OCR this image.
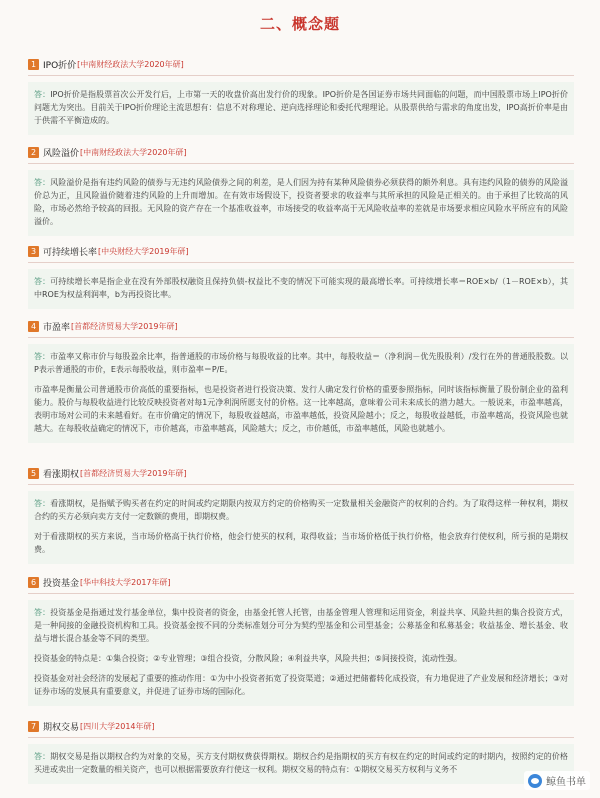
二、概念题
1 IPO折价 [中南财经政法大学2020年研]

答：IPO折价是指股票首次公开发行后，上市第一天的收盘价高出发行价的现象。IPO折价是各国证券市场共同面临的问题，而中国股票市场上IPO折价问题尤为突出。目前关于IPO折价理论主流思想有：信息不对称理论、逆向选择理论和委托代理理论。从股票供给与需求的角度出发，IPO高折价率是由于供需不平衡造成的。

2 风险溢价 [中南财经政法大学2020年研]

答：风险溢价是指有违约风险的债券与无违约风险债券之间的利差，是人们因为持有某种风险债券必须获得的额外利息。具有违约风险的债券的风险溢价总为正，且风险溢价随着违约风险的上升而增加。在有效市场假设下，投资者要求的收益率与其所承担的风险是正相关的。由于承担了比较高的风险，市场必然给予较高的回报。无风险的资产存在一个基准收益率，市场接受的收益率高于无风险收益率的差就是市场要求相应风险水平所应有的风险溢价。

3 可持续增长率 [中央财经大学2019年研]

答：可持续增长率是指企业在没有外部股权融资且保持负债-权益比不变的情况下可能实现的最高增长率。可持续增长率＝ROE×b/（1－ROE×b），其中ROE为权益利润率，b为再投资比率。

4 市盈率 [首都经济贸易大学2019年研]

答：市盈率又称市价与每股盈余比率，指普通股的市场价格与每股收益的比率。其中，每股收益＝（净利润－优先股股利）/发行在外的普通股股数。以P表示普通股的市价，E表示每股收益，则市盈率＝P/E。

市盈率是衡量公司普通股市价高低的重要指标，也是投资者进行投资决策、发行人确定发行价格的重要参照指标，同时该指标衡量了股份制企业的盈利能力。股价与每股收益进行比较反映投资者对每1元净利润所愿支付的价格。这一比率越高，意味着公司未来成长的潜力越大。一般说来，市盈率越高，表明市场对公司的未来越看好。在市价确定的情况下，每股收益越高，市盈率越低，投资风险越小；反之，每股收益越低，市盈率越高，投资风险也就越大。在每股收益确定的情况下，市价越高，市盈率越高，风险越大；反之，市价越低，市盈率越低，风险也就越小。

5 看涨期权 [首都经济贸易大学2019年研]

答：看涨期权，是指赋予购买者在约定的时间或约定期限内按双方约定的价格购买一定数量相关金融资产的权利的合约。为了取得这样一种权利，期权合约的买方必须向卖方支付一定数额的费用，即期权费。

对于看涨期权的买方来说，当市场价格高于执行价格，他会行使买的权利，取得收益；当市场价格低于执行价格，他会放弃行使权利，所亏损的是期权费。

6 投资基金 [华中科技大学2017年研]

答：投资基金是指通过发行基金单位，集中投资者的资金，由基金托管人托管，由基金管理人管理和运用资金，利益共享、风险共担的集合投资方式，是一种间接的金融投资机构和工具。投资基金按不同的分类标准划分可分为契约型基金和公司型基金；公募基金和私募基金；收益基金、增长基金、收益与增长混合基金等不同的类型。

投资基金的特点是：①集合投资；②专业管理；③组合投资，分散风险；④利益共享，风险共担；⑤间接投资，流动性强。

投资基金对社会经济的发展起了重要的推动作用：①为中小投资者拓宽了投资渠道；②通过把储蓄转化成投资，有力地促进了产业发展和经济增长；③对证券市场的发展具有重要意义，并促进了证券市场的国际化。

7 期权交易 [四川大学2014年研]

答：期权交易是指以期权合约为对象的交易，买方支付期权费获得期权。期权合约是指期权的买方有权在约定的时间或约定的时期内，按照约定的价格买进或卖出一定数量的相关资产，也可以根据需要放弃行使这一权利。期权交易的特点有：①期权交易买方权利与义务不

鲸鱼书单
